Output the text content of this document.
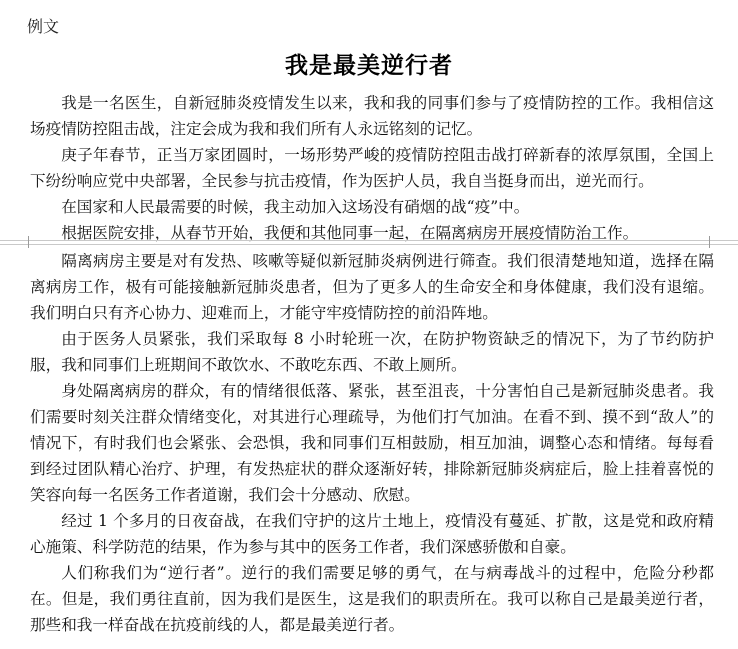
例文
我是最美逆行者

我是一名医生，自新冠肺炎疫情发生以来，我和我的同事们参与了疫情防控的工作。我相信这场疫情防控阻击战，注定会成为我和我们所有人永远铭刻的记忆。

庚子年春节，正当万家团圆时，一场形势严峻的疫情防控阻击战打碎新春的浓厚氛围，全国上下纷纷响应党中央部署，全民参与抗击疫情，作为医护人员，我自当挺身而出，逆光而行。

在国家和人民最需要的时候，我主动加入这场没有硝烟的战“疫”中。

根据医院安排，从春节开始，我便和其他同事一起，在隔离病房开展疫情防治工作。

隔离病房主要是对有发热、咳嗽等疑似新冠肺炎病例进行筛查。我们很清楚地知道，选择在隔离病房工作，极有可能接触新冠肺炎患者，但为了更多人的生命安全和身体健康，我们没有退缩。我们明白只有齐心协力、迎难而上，才能守牢疫情防控的前沿阵地。

由于医务人员紧张，我们采取每 8 小时轮班一次，在防护物资缺乏的情况下，为了节约防护服，我和同事们上班期间不敢饮水、不敢吃东西、不敢上厕所。

身处隔离病房的群众，有的情绪很低落、紧张，甚至沮丧，十分害怕自己是新冠肺炎患者。我们需要时刻关注群众情绪变化，对其进行心理疏导，为他们打气加油。在看不到、摸不到“敌人”的情况下，有时我们也会紧张、会恐惧，我和同事们互相鼓励，相互加油，调整心态和情绪。每每看到经过团队精心治疗、护理，有发热症状的群众逐渐好转，排除新冠肺炎病症后，脸上挂着喜悦的笑容向每一名医务工作者道谢，我们会十分感动、欣慰。

经过 1 个多月的日夜奋战，在我们守护的这片土地上，疫情没有蔓延、扩散，这是党和政府精心施策、科学防范的结果，作为参与其中的医务工作者，我们深感骄傲和自豪。

人们称我们为“逆行者”。逆行的我们需要足够的勇气，在与病毒战斗的过程中，危险分秒都在。但是，我们勇往直前，因为我们是医生，这是我们的职责所在。我可以称自己是最美逆行者，那些和我一样奋战在抗疫前线的人，都是最美逆行者。
